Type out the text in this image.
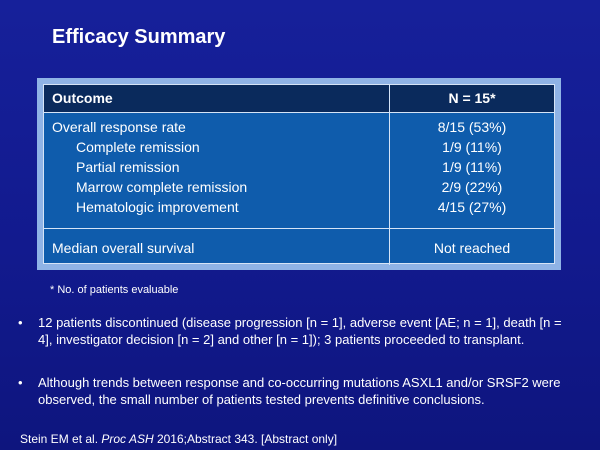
Efficacy Summary
Outcome	N = 15*
Overall response rate
Complete remission
Partial remission
Marrow complete remission
Hematologic improvement
8/15 (53%)
1/9 (11%)
1/9 (11%)
2/9 (22%)
4/15 (27%)
Median overall survival	Not reached
* No. of patients evaluable
• 12 patients discontinued (disease progression [n = 1], adverse event [AE; n = 1], death [n = 4], investigator decision [n = 2] and other [n = 1]); 3 patients proceeded to transplant.
• Although trends between response and co-occurring mutations ASXL1 and/or SRSF2 were observed, the small number of patients tested prevents definitive conclusions.
Stein EM et al. Proc ASH 2016;Abstract 343. [Abstract only]
